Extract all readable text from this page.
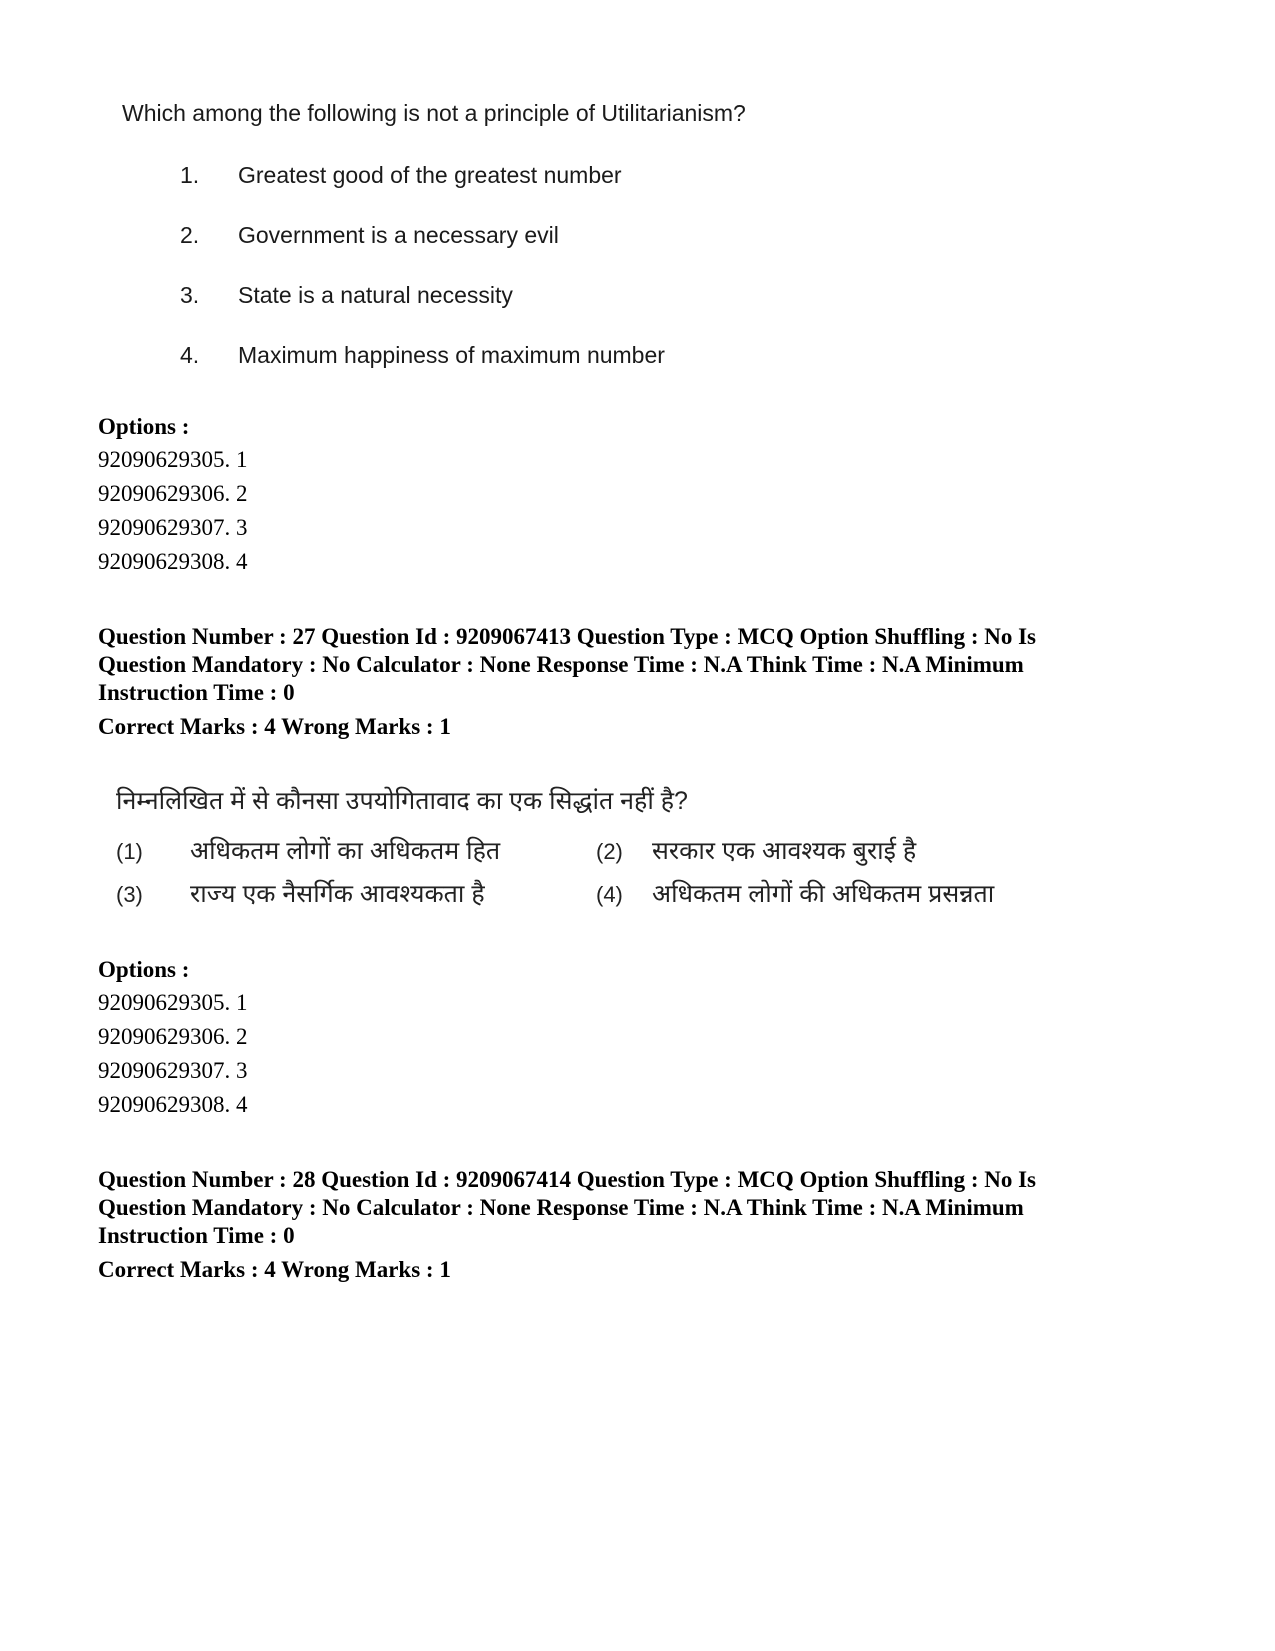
Which among the following is not a principle of Utilitarianism?

1. Greatest good of the greatest number
2. Government is a necessary evil
3. State is a natural necessity
4. Maximum happiness of maximum number
Options :
92090629305. 1
92090629306. 2
92090629307. 3
92090629308. 4
Question Number : 27 Question Id : 9209067413 Question Type : MCQ Option Shuffling : No Is
Question Mandatory : No Calculator : None Response Time : N.A Think Time : N.A Minimum
Instruction Time : 0
Correct Marks : 4 Wrong Marks : 1

निम्नलिखित में से कौनसा उपयोगितावाद का एक सिद्धांत नहीं है?

(1) अधिकतम लोगों का अधिकतम हित	(2) सरकार एक आवश्यक बुराई है
(3) राज्य एक नैसर्गिक आवश्यकता है	(4) अधिकतम लोगों की अधिकतम प्रसन्नता
Options :
92090629305. 1
92090629306. 2
92090629307. 3
92090629308. 4
Question Number : 28 Question Id : 9209067414 Question Type : MCQ Option Shuffling : No Is
Question Mandatory : No Calculator : None Response Time : N.A Think Time : N.A Minimum
Instruction Time : 0
Correct Marks : 4 Wrong Marks : 1
